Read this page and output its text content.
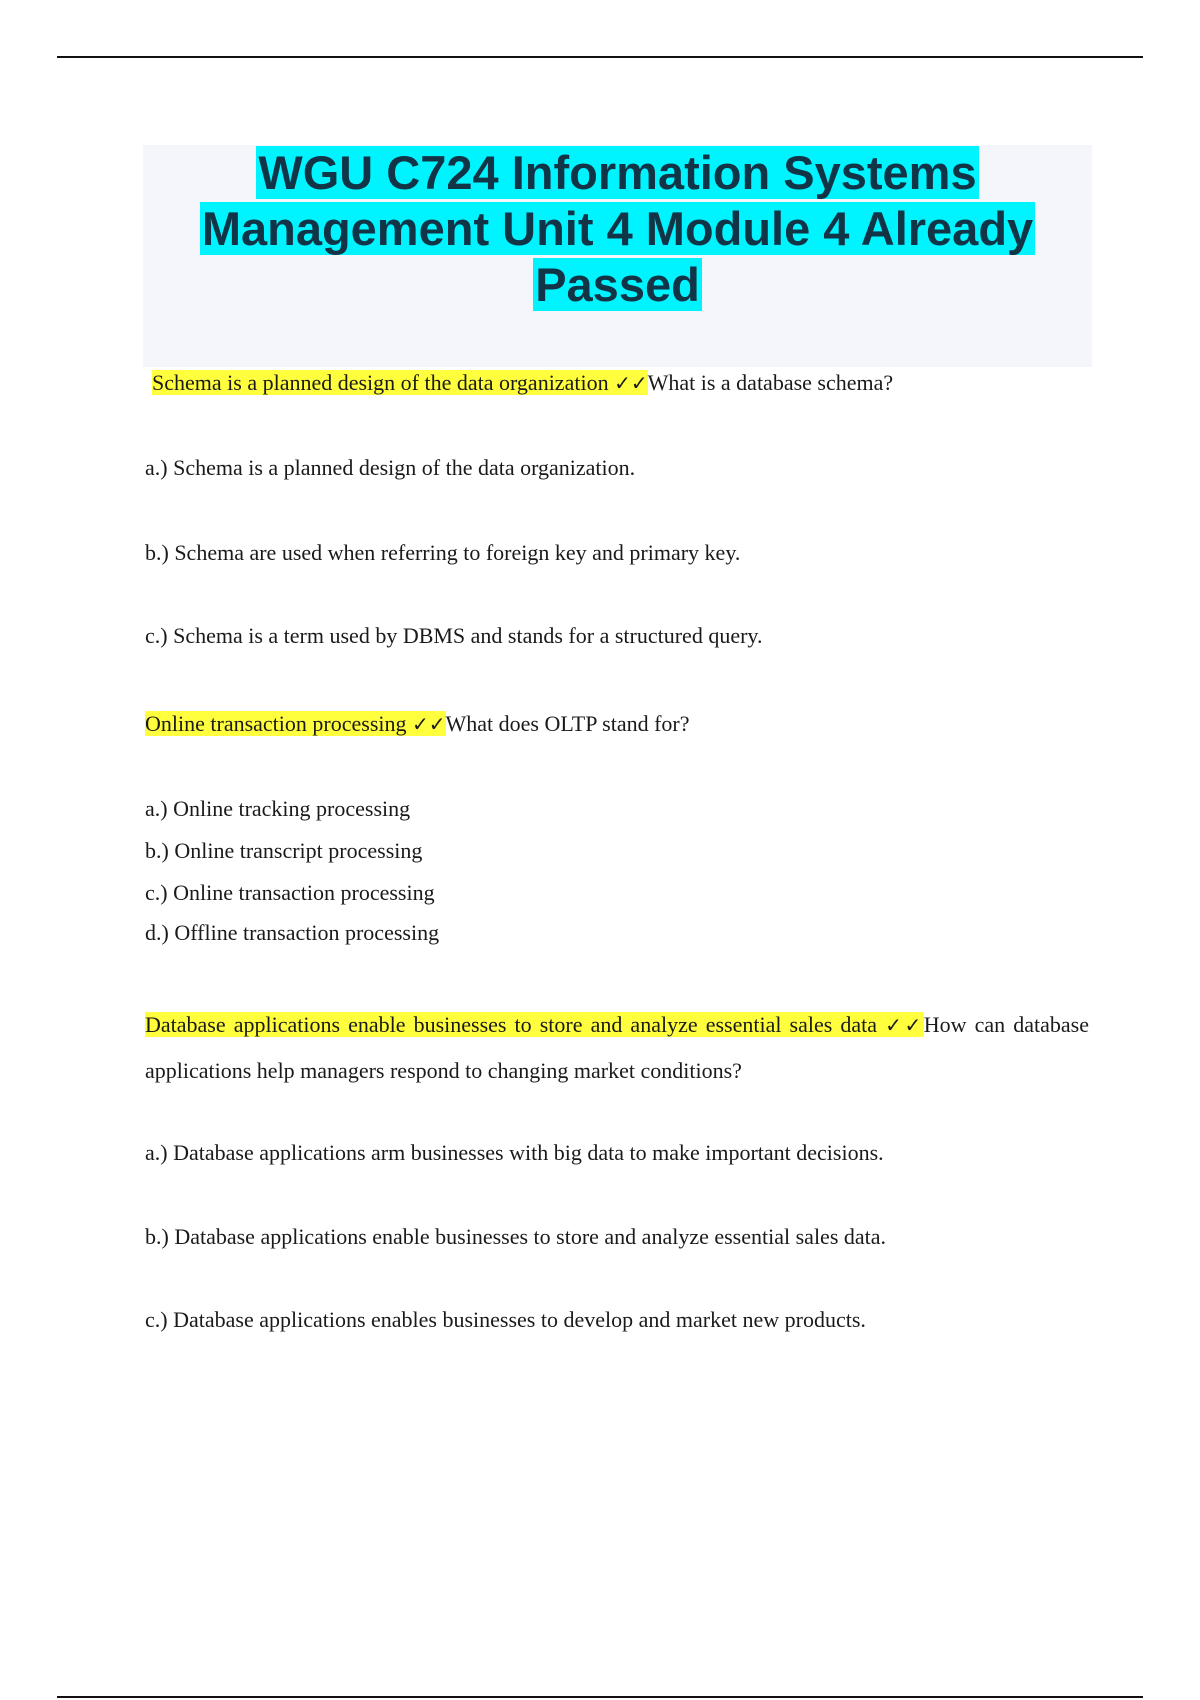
WGU C724 Information Systems
Management Unit 4 Module 4 Already
Passed
Schema is a planned design of the data organization ✓✓What is a database schema?
a.) Schema is a planned design of the data organization.
b.) Schema are used when referring to foreign key and primary key.
c.) Schema is a term used by DBMS and stands for a structured query.
Online transaction processing ✓✓What does OLTP stand for?
a.) Online tracking processing
b.) Online transcript processing
c.) Online transaction processing
d.) Offline transaction processing
Database applications enable businesses to store and analyze essential sales data ✓✓How can database applications help managers respond to changing market conditions?
a.) Database applications arm businesses with big data to make important decisions.
b.) Database applications enable businesses to store and analyze essential sales data.
c.) Database applications enables businesses to develop and market new products.
